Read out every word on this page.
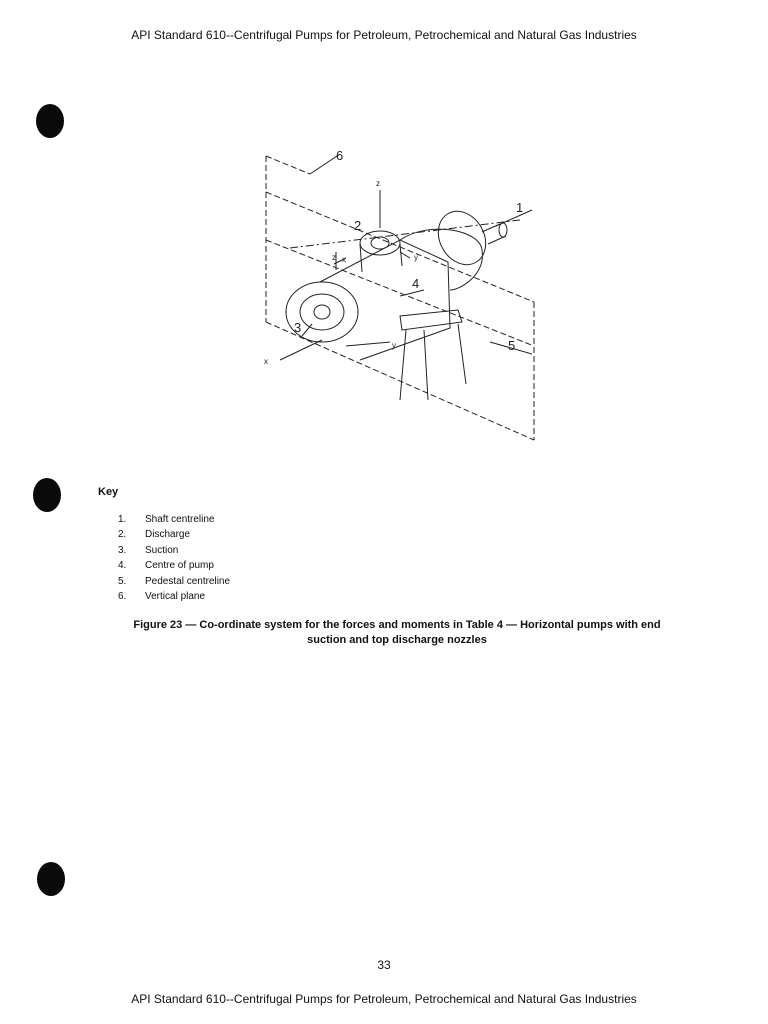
API Standard 610--Centrifugal Pumps for Petroleum, Petrochemical and Natural Gas Industries
1
2
3
4
5
6
z
z x	y
x
y
Key
1.	Shaft centreline
2.	Discharge
3.	Suction
4.	Centre of pump
5.	Pedestal centreline
6.	Vertical plane
Figure 23 — Co-ordinate system for the forces and moments in Table 4 — Horizontal pumps with end
suction and top discharge nozzles
33
API Standard 610--Centrifugal Pumps for Petroleum, Petrochemical and Natural Gas Industries
